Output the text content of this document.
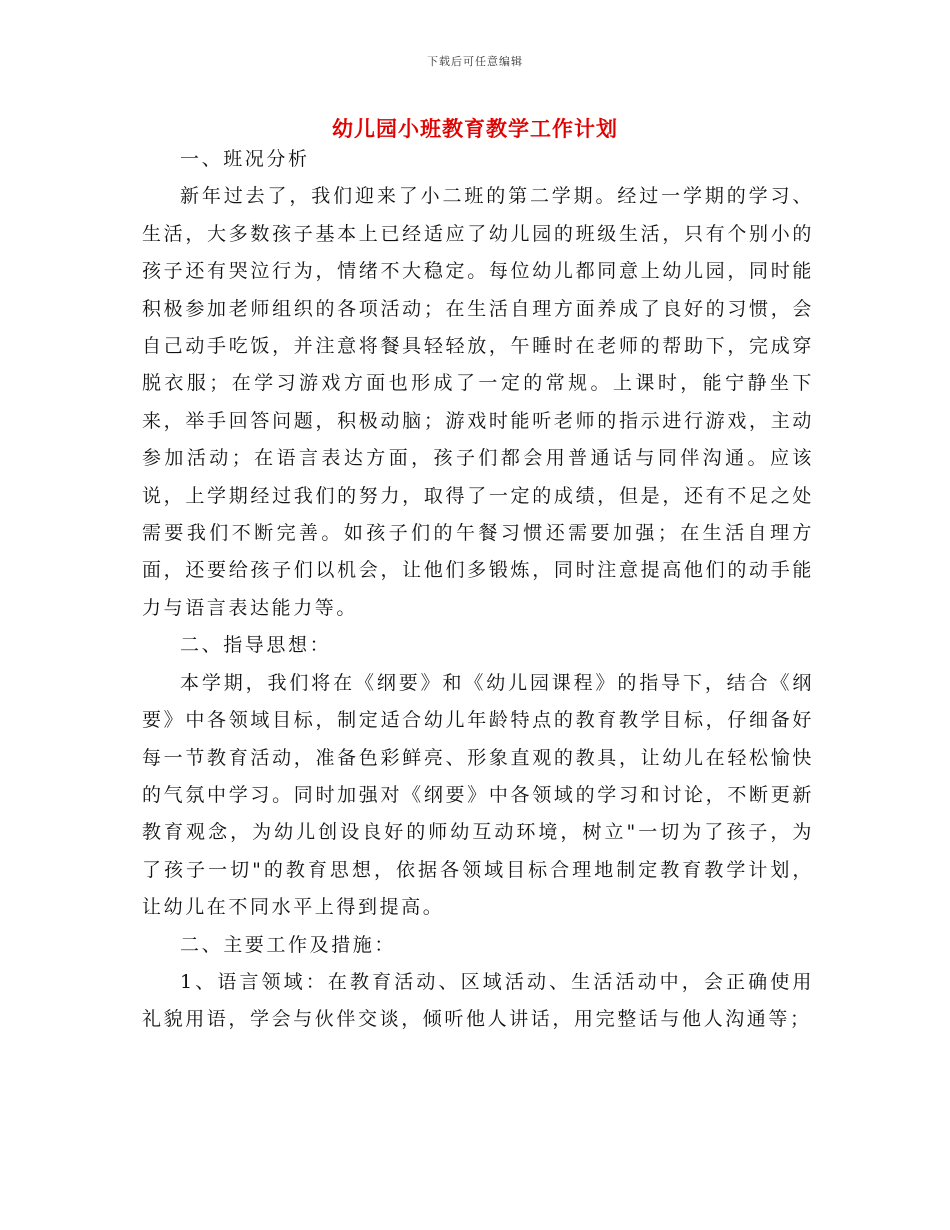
下载后可任意编辑
幼儿园小班教育教学工作计划

一、班况分析

新年过去了，我们迎来了小二班的第二学期。经过一学期的学习、生活，大多数孩子基本上已经适应了幼儿园的班级生活，只有个别小的孩子还有哭泣行为，情绪不大稳定。每位幼儿都同意上幼儿园，同时能积极参加老师组织的各项活动；在生活自理方面养成了良好的习惯，会自己动手吃饭，并注意将餐具轻轻放，午睡时在老师的帮助下，完成穿脱衣服；在学习游戏方面也形成了一定的常规。上课时，能宁静坐下来，举手回答问题，积极动脑；游戏时能听老师的指示进行游戏，主动参加活动；在语言表达方面，孩子们都会用普通话与同伴沟通。应该说，上学期经过我们的努力，取得了一定的成绩，但是，还有不足之处需要我们不断完善。如孩子们的午餐习惯还需要加强；在生活自理方面，还要给孩子们以机会，让他们多锻炼，同时注意提高他们的动手能力与语言表达能力等。

二、指导思想：

本学期，我们将在《纲要》和《幼儿园课程》的指导下，结合《纲要》中各领域目标，制定适合幼儿年龄特点的教育教学目标，仔细备好每一节教育活动，准备色彩鲜亮、形象直观的教具，让幼儿在轻松愉快的气氛中学习。同时加强对《纲要》中各领域的学习和讨论，不断更新教育观念，为幼儿创设良好的师幼互动环境，树立"一切为了孩子，为了孩子一切"的教育思想，依据各领域目标合理地制定教育教学计划，让幼儿在不同水平上得到提高。

二、主要工作及措施：

1、语言领域：在教育活动、区域活动、生活活动中，会正确使用礼貌用语，学会与伙伴交谈，倾听他人讲话，用完整话与他人沟通等；
